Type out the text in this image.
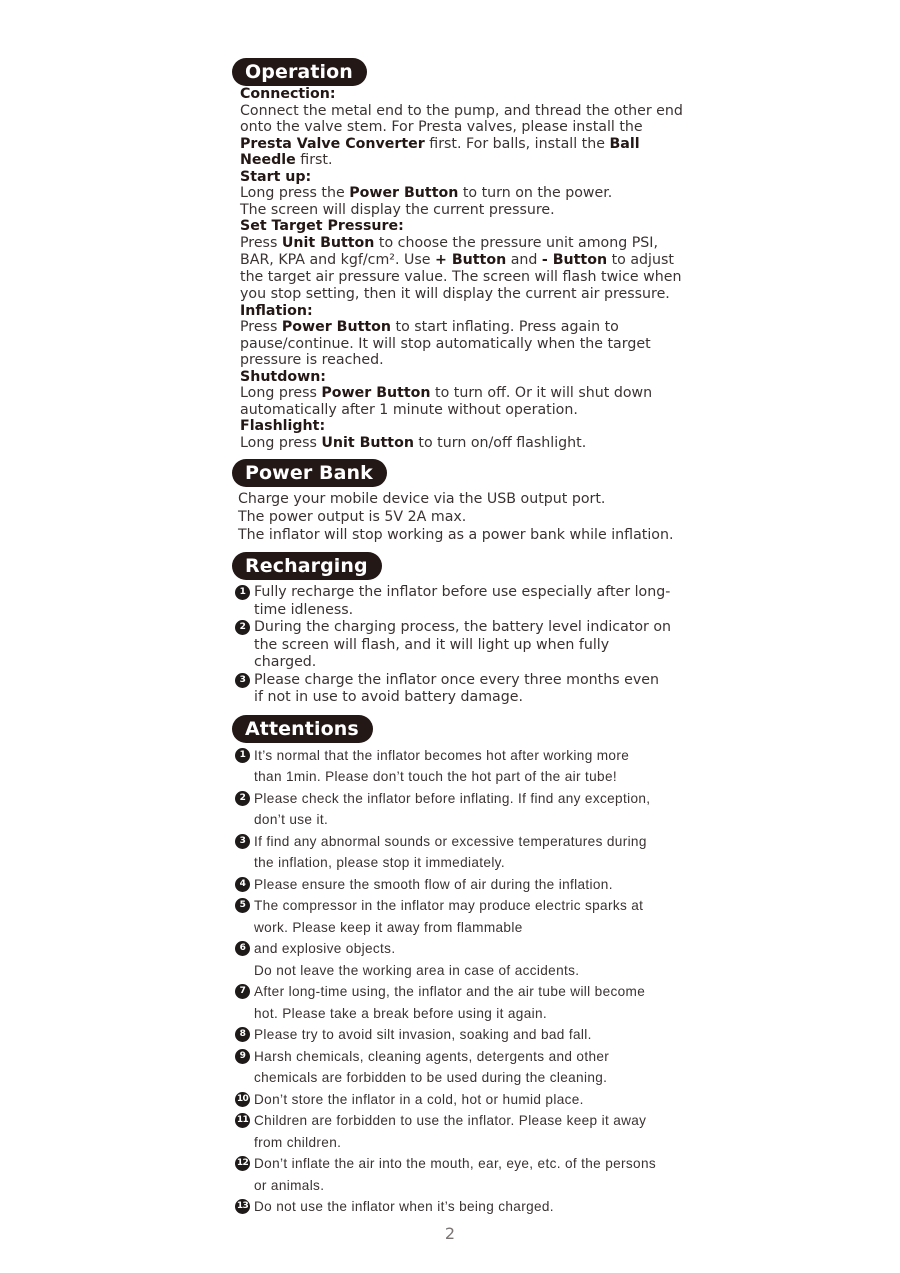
Operation
Connection:
Connect the metal end to the pump, and thread the other end onto the valve stem. For Presta valves, please install the Presta Valve Converter first. For balls, install the Ball Needle first.
Start up:
Long press the Power Button to turn on the power. The screen will display the current pressure.
Set Target Pressure:
Press Unit Button to choose the pressure unit among PSI, BAR, KPA and kgf/cm². Use + Button and - Button to adjust the target air pressure value. The screen will flash twice when you stop setting, then it will display the current air pressure.
Inflation:
Press Power Button to start inflating. Press again to pause/continue. It will stop automatically when the target pressure is reached.
Shutdown:
Long press Power Button to turn off. Or it will shut down automatically after 1 minute without operation.
Flashlight:
Long press Unit Button to turn on/off flashlight.
Power Bank
Charge your mobile device via the USB output port.
The power output is 5V 2A max.
The inflator will stop working as a power bank while inflation.
Recharging
1 Fully recharge the inflator before use especially after long-time idleness.
2 During the charging process, the battery level indicator on the screen will flash, and it will light up when fully charged.
3 Please charge the inflator once every three months even if not in use to avoid battery damage.
Attentions
1 It’s normal that the inflator becomes hot after working more than 1min. Please don’t touch the hot part of the air tube!
2 Please check the inflator before inflating. If find any exception, don’t use it.
3 If find any abnormal sounds or excessive temperatures during the inflation, please stop it immediately.
4 Please ensure the smooth flow of air during the inflation.
5 The compressor in the inflator may produce electric sparks at work. Please keep it away from flammable
6 and explosive objects.
Do not leave the working area in case of accidents.
7 After long-time using, the inflator and the air tube will become hot. Please take a break before using it again.
8 Please try to avoid silt invasion, soaking and bad fall.
9 Harsh chemicals, cleaning agents, detergents and other chemicals are forbidden to be used during the cleaning.
10 Don’t store the inflator in a cold, hot or humid place.
11 Children are forbidden to use the inflator. Please keep it away from children.
12 Don’t inflate the air into the mouth, ear, eye, etc. of the persons or animals.
13 Do not use the inflator when it’s being charged.
2
